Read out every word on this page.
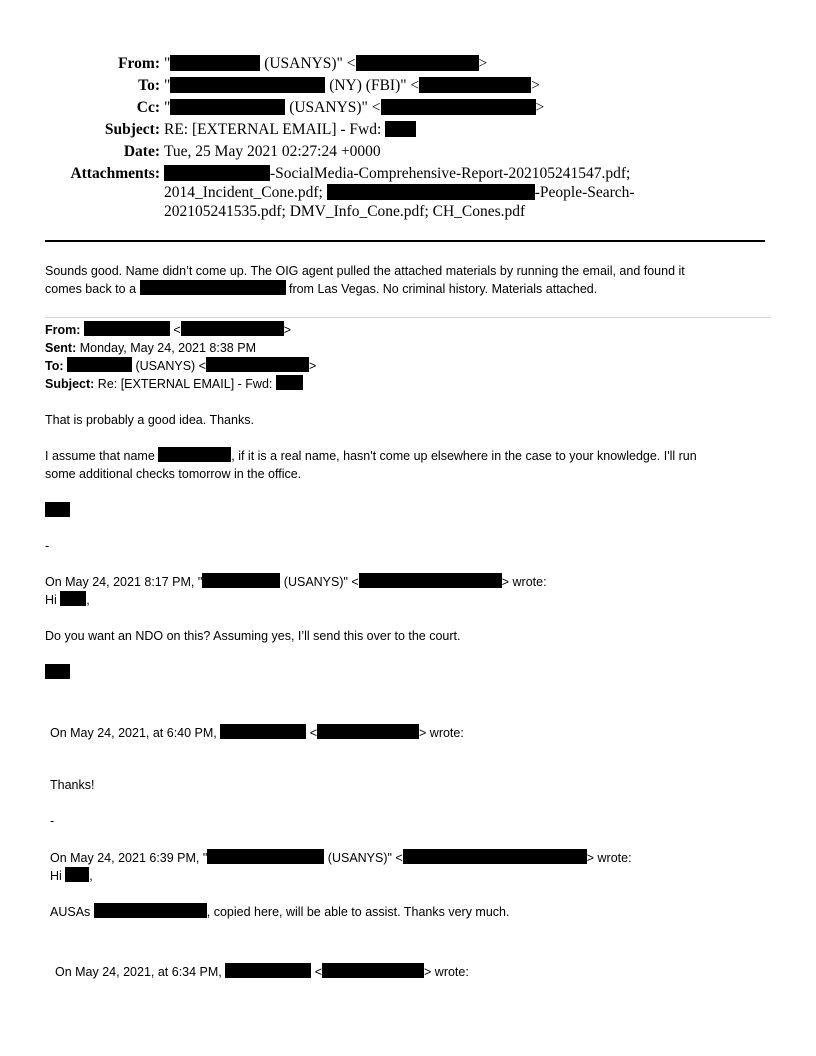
From: "	(USANYS)" <	>
To: "	(NY) (FBI)" <	>
Cc: "	(USANYS)" <	>
Subject: RE: [EXTERNAL EMAIL] - Fwd:
Date: Tue, 25 May 2021 02:27:24 +0000
Attachments:	-SocialMedia-Comprehensive-Report-202105241547.pdf;
2014_Incident_Cone.pdf;	-People-Search-
202105241535.pdf; DMV_Info_Cone.pdf; CH_Cones.pdf
Sounds good. Name didn’t come up. The OIG agent pulled the attached materials by running the email, and found it
comes back to a	from Las Vegas. No criminal history. Materials attached.
From:	<	>
Sent: Monday, May 24, 2021 8:38 PM
To:	(USANYS) <	>
Subject: Re: [EXTERNAL EMAIL] - Fwd:
That is probably a good idea. Thanks.
I assume that name	, if it is a real name, hasn't come up elsewhere in the case to your knowledge. I'll run
some additional checks tomorrow in the office.
-
On May 24, 2021 8:17 PM, "	(USANYS)" <	> wrote:
Hi ,
Do you want an NDO on this? Assuming yes, I’ll send this over to the court.
On May 24, 2021, at 6:40 PM,	<	> wrote:
Thanks!
-
On May 24, 2021 6:39 PM, "	(USANYS)" <	> wrote:
Hi ,
AUSAs	, copied here, will be able to assist. Thanks very much.
On May 24, 2021, at 6:34 PM,	<	> wrote:
